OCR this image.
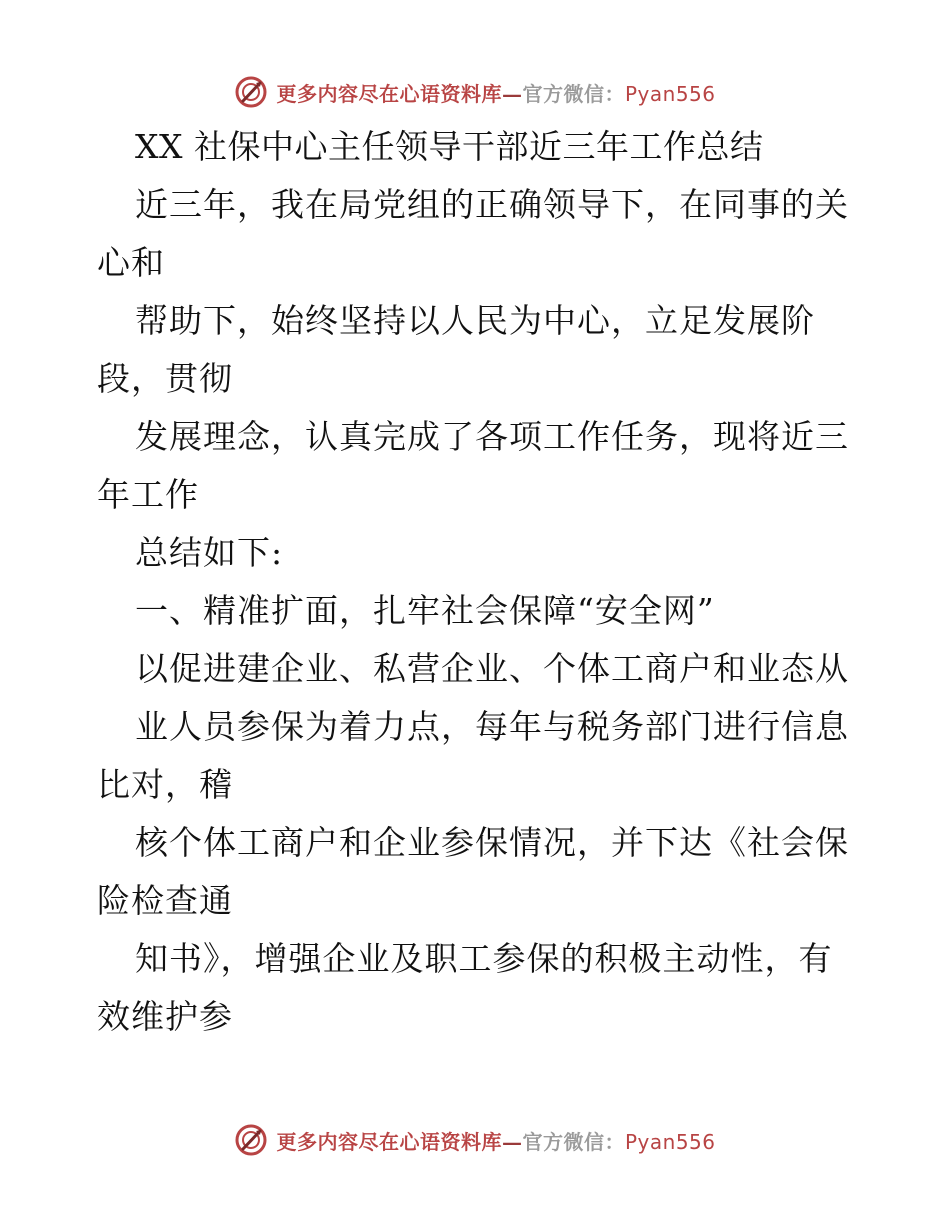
更多内容尽在心语资料库—官方微信：Pyan556
XX 社保中心主任领导干部近三年工作总结
近三年，我在局党组的正确领导下，在同事的关
心和
帮助下，始终坚持以人民为中心，立足发展阶
段，贯彻
发展理念，认真完成了各项工作任务，现将近三
年工作
总结如下:
一、精准扩面，扎牢社会保障“安全网”
以促进建企业、私营企业、个体工商户和业态从
业人员参保为着力点，每年与税务部门进行信息
比对，稽
核个体工商户和企业参保情况，并下达《社会保
险检查通
知书》，增强企业及职工参保的积极主动性，有
效维护参
更多内容尽在心语资料库—官方微信：Pyan556
